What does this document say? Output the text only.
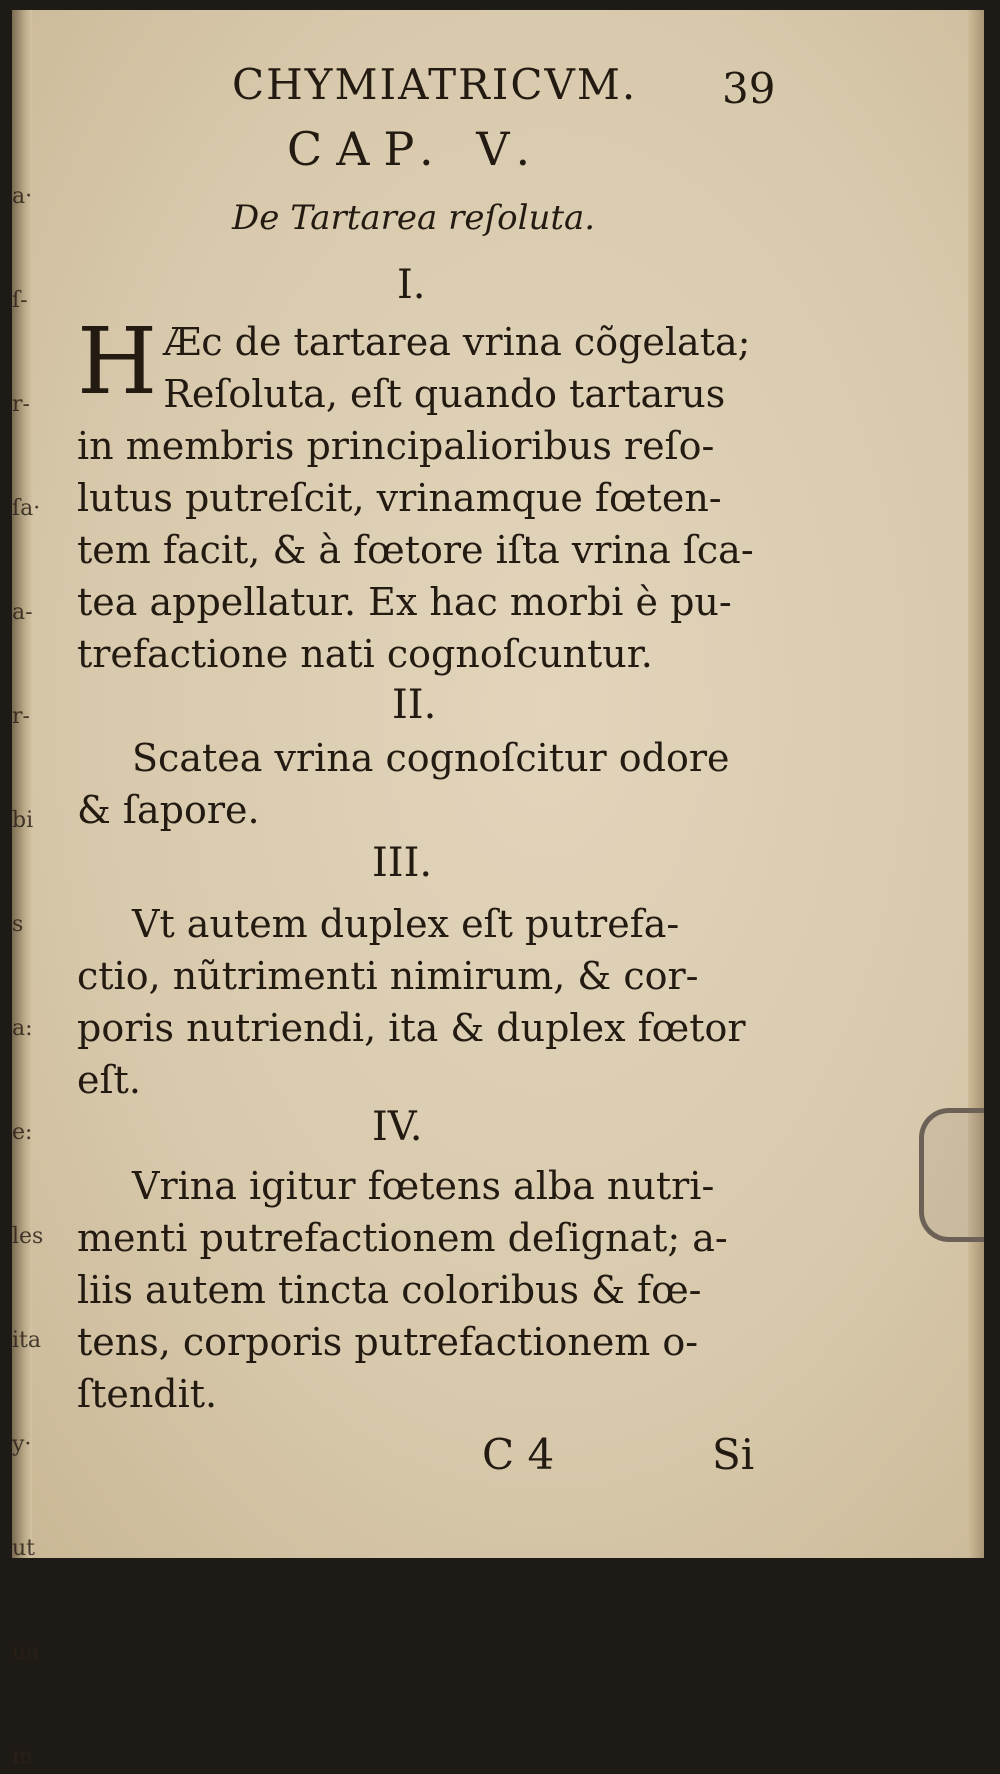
a·
ſ-
r-
ſa·
a-
r-
bi
s
a:
e:
les
ita
y·
ut
ua
m
CHYMIATRICVM. 39
CAP. V.
De Tartarea reſoluta.
I.
H Æc de tartarea vrina cõgelata;
Reſoluta, eſt quando tartarus
in membris principalioribus reſo-
lutus putreſcit, vrinamque fœten-
tem facit, & à fœtore iſta vrina ſca-
tea appellatur. Ex hac morbi è pu-
trefactione nati cognoſcuntur.
II.
Scatea vrina cognoſcitur odore
& ſapore.
III.
Vt autem duplex eſt putrefa-
ctio, nũtrimenti nimirum, & cor-
poris nutriendi, ita & duplex fœtor
eſt.
IV.
Vrina igitur fœtens alba nutri-
menti putrefactionem deſignat; a-
liis autem tincta coloribus & fœ-
tens, corporis putrefactionem o-
ſtendit.
C 4	Si
